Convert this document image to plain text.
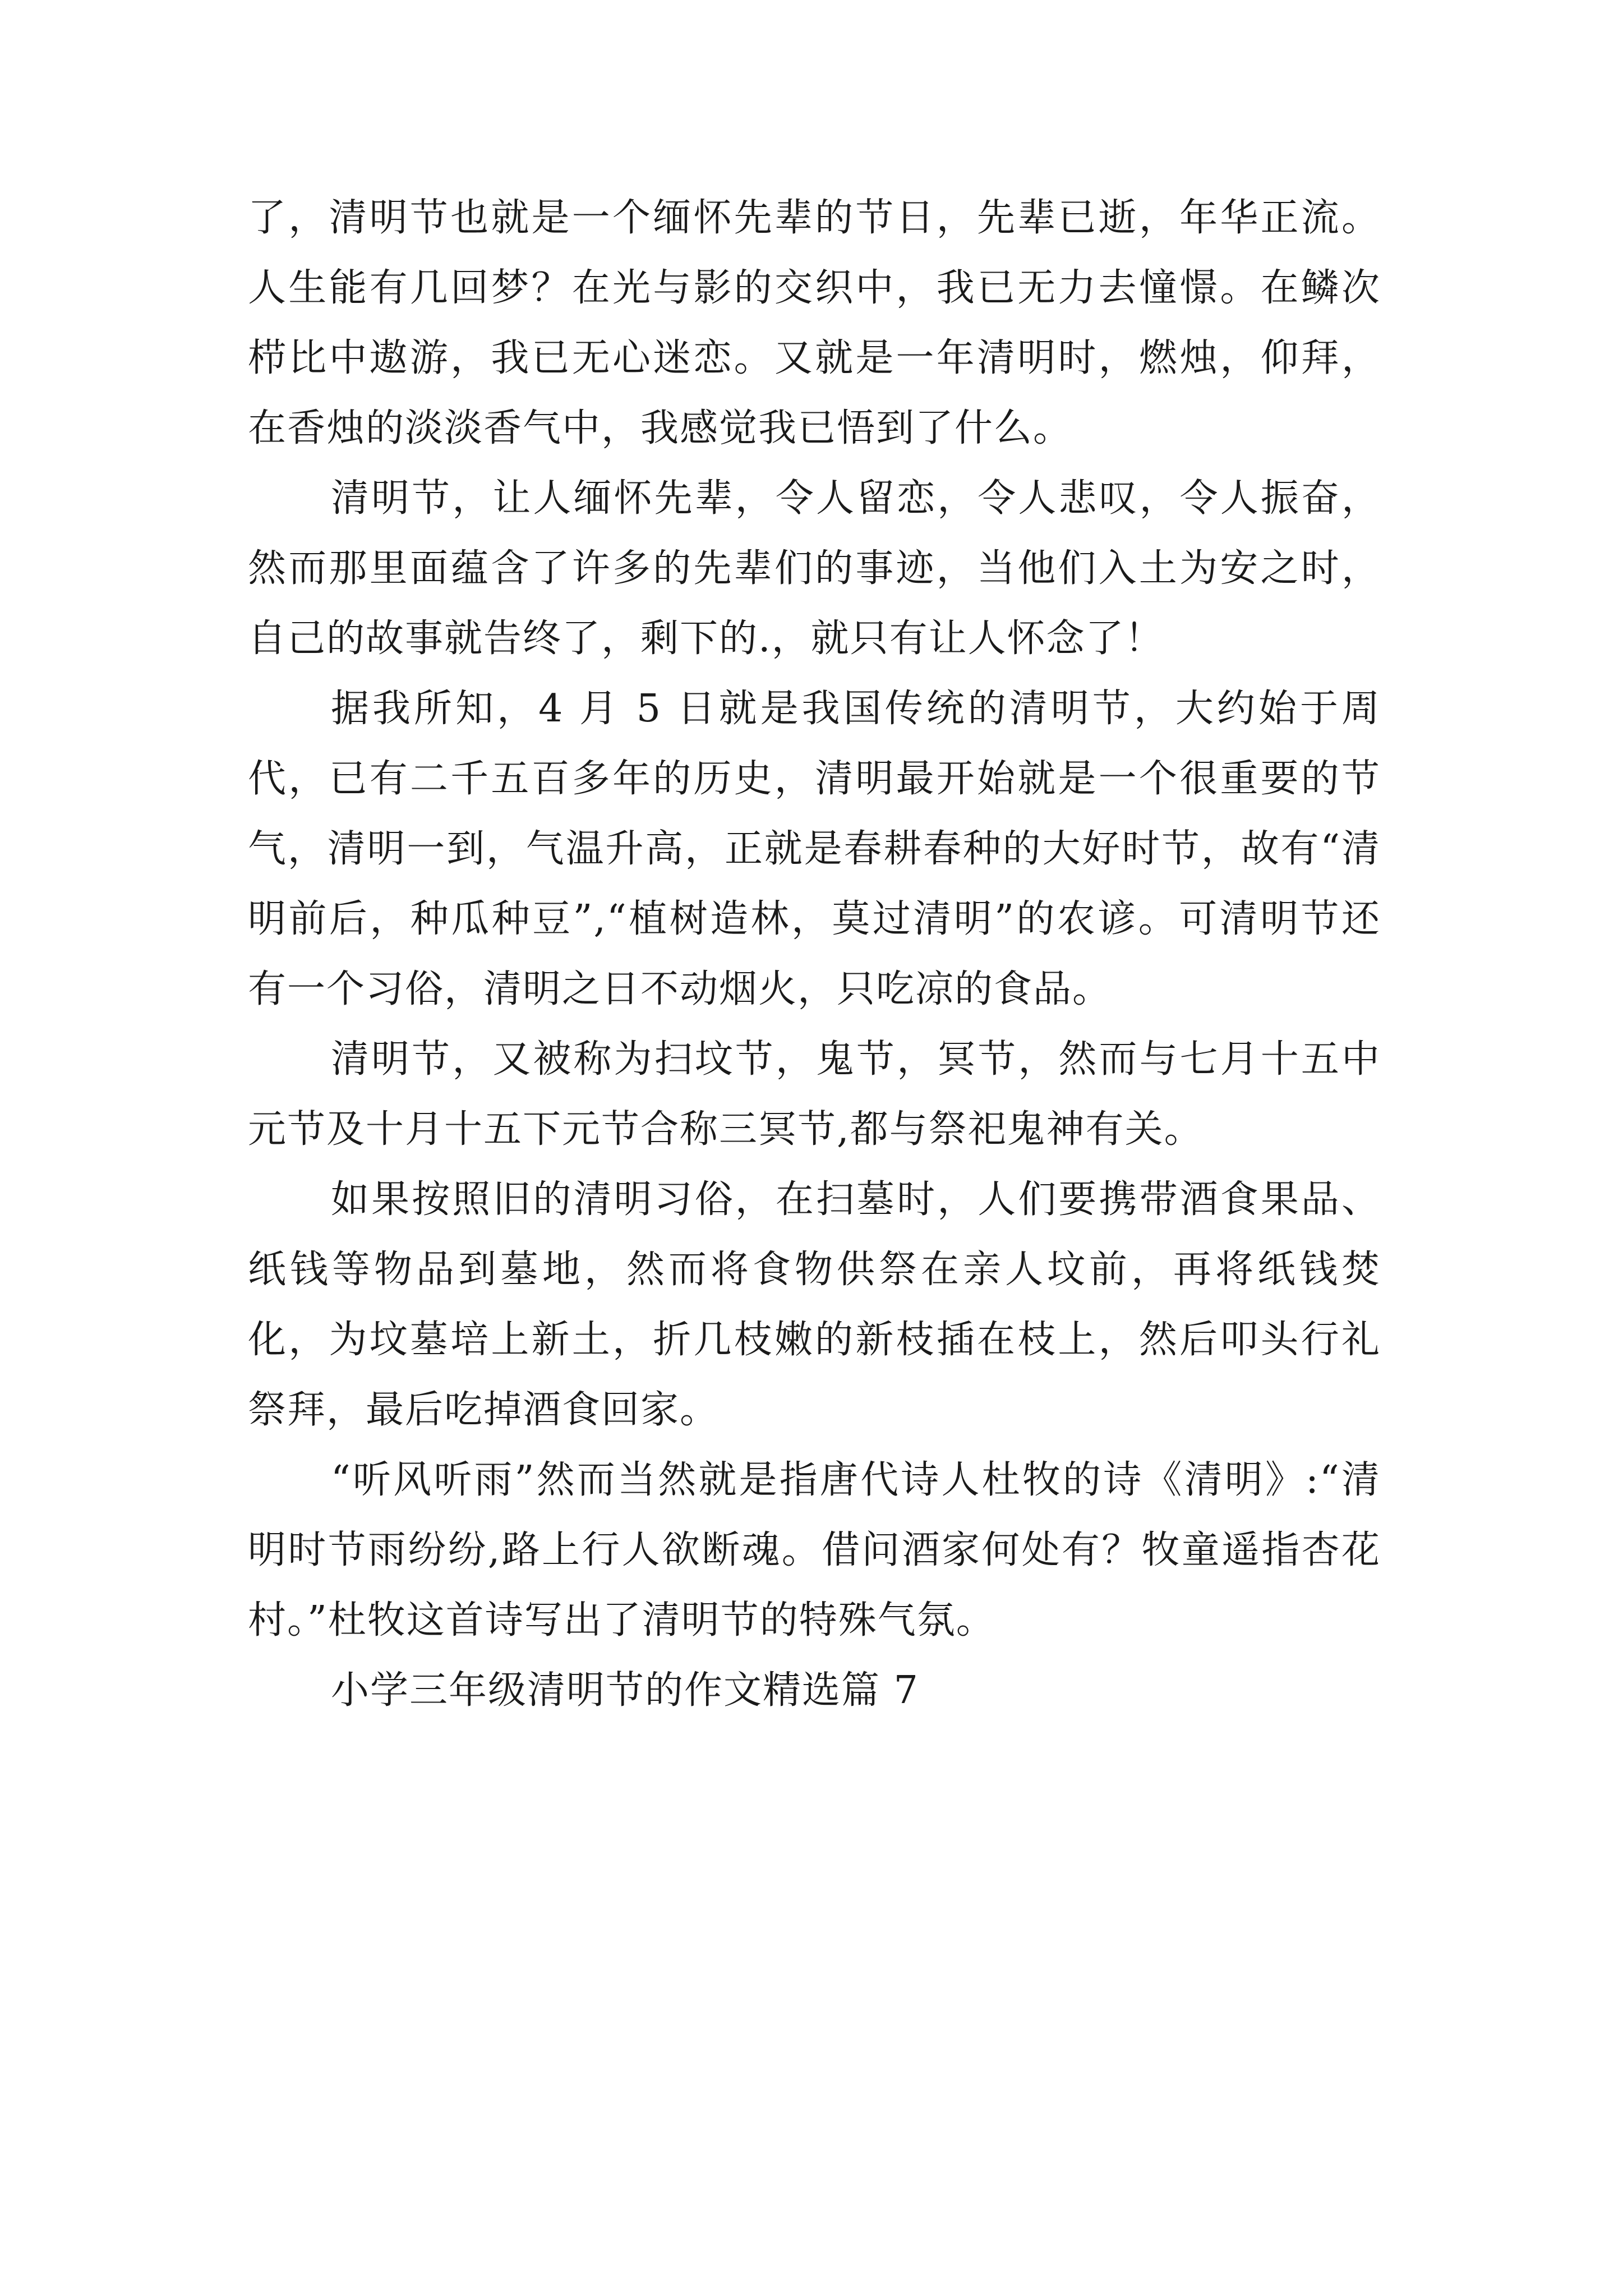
了，清明节也就是一个缅怀先辈的节日，先辈已逝，年华正流。人生能有几回梦？在光与影的交织中，我已无力去憧憬。在鳞次栉比中遨游，我已无心迷恋。又就是一年清明时，燃烛，仰拜，在香烛的淡淡香气中，我感觉我已悟到了什么。

清明节，让人缅怀先辈，令人留恋，令人悲叹，令人振奋，然而那里面蕴含了许多的先辈们的事迹，当他们入土为安之时，自己的故事就告终了，剩下的.，就只有让人怀念了！

据我所知，4 月 5 日就是我国传统的清明节，大约始于周代，已有二千五百多年的历史，清明最开始就是一个很重要的节气，清明一到，气温升高，正就是春耕春种的大好时节，故有“清明前后，种瓜种豆”,“植树造林，莫过清明”的农谚。可清明节还有一个习俗，清明之日不动烟火，只吃凉的食品。

清明节，又被称为扫坟节，鬼节，冥节，然而与七月十五中元节及十月十五下元节合称三冥节,都与祭祀鬼神有关。

如果按照旧的清明习俗，在扫墓时，人们要携带酒食果品、纸钱等物品到墓地，然而将食物供祭在亲人坟前，再将纸钱焚化，为坟墓培上新土，折几枝嫩的新枝插在枝上，然后叩头行礼祭拜，最后吃掉酒食回家。

“听风听雨”然而当然就是指唐代诗人杜牧的诗《清明》:“清明时节雨纷纷,路上行人欲断魂。借问酒家何处有？牧童遥指杏花村。”杜牧这首诗写出了清明节的特殊气氛。

小学三年级清明节的作文精选篇 7
